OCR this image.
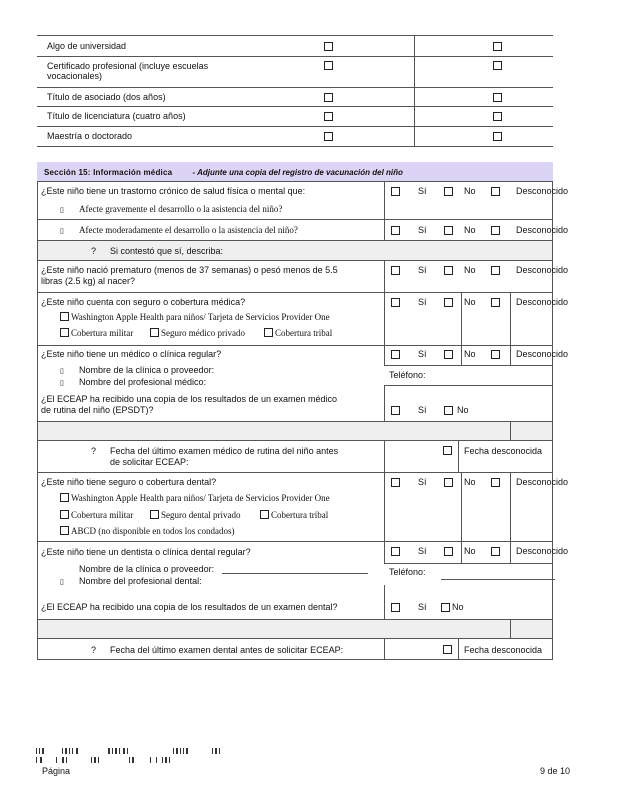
Algo de universidad
Certificado profesional (incluye escuelas
vocacionales)
Título de asociado (dos años)
Título de licenciatura (cuatro años)
Maestría o doctorado
Sección 15: Información médica	- Adjunte una copia del registro de vacunación del niño
¿Este niño tiene un trastorno crónico de salud física o mental que:
▯ Afecte gravemente el desarrollo o la asistencia del niño?
Sí	No	Desconocido
▯ Afecte moderadamente el desarrollo o la asistencia del niño?	Sí	No	Desconocido
? Si contestó que sí, describa:
¿Este niño nació prematuro (menos de 37 semanas) o pesó menos de 5.5
libras (2.5 kg) al nacer?
Sí	No	Desconocido
¿Este niño cuenta con seguro o cobertura médica?
Washington Apple Health para niños/ Tarjeta de Servicios Provider One
Cobertura militar	Seguro médico privado	Cobertura tribal
Sí	No	Desconocido
¿Este niño tiene un médico o clínica regular?
▯ Nombre de la clínica o proveedor:
▯ Nombre del profesional médico:
Sí	No	Desconocido
Teléfono:
¿El ECEAP ha recibido una copia de los resultados de un examen médico
de rutina del niño (EPSDT)?	Sí	No
? Fecha del último examen médico de rutina del niño antes
de solicitar ECEAP:
Fecha desconocida
¿Este niño tiene seguro o cobertura dental?
Washington Apple Health para niños/ Tarjeta de Servicios Provider One
Cobertura militar	Seguro dental privado	Cobertura tribal
ABCD (no disponible en todos los condados)
Sí	No	Desconocido
¿Este niño tiene un dentista o clínica dental regular?
Nombre de la clínica o proveedor:
▯ Nombre del profesional dental:
Sí	No	Desconocido
Teléfono:
¿El ECEAP ha recibido una copia de los resultados de un examen dental?	Sí	No
? Fecha del último examen dental antes de solicitar ECEAP:	Fecha desconocida
Página	9 de 10
